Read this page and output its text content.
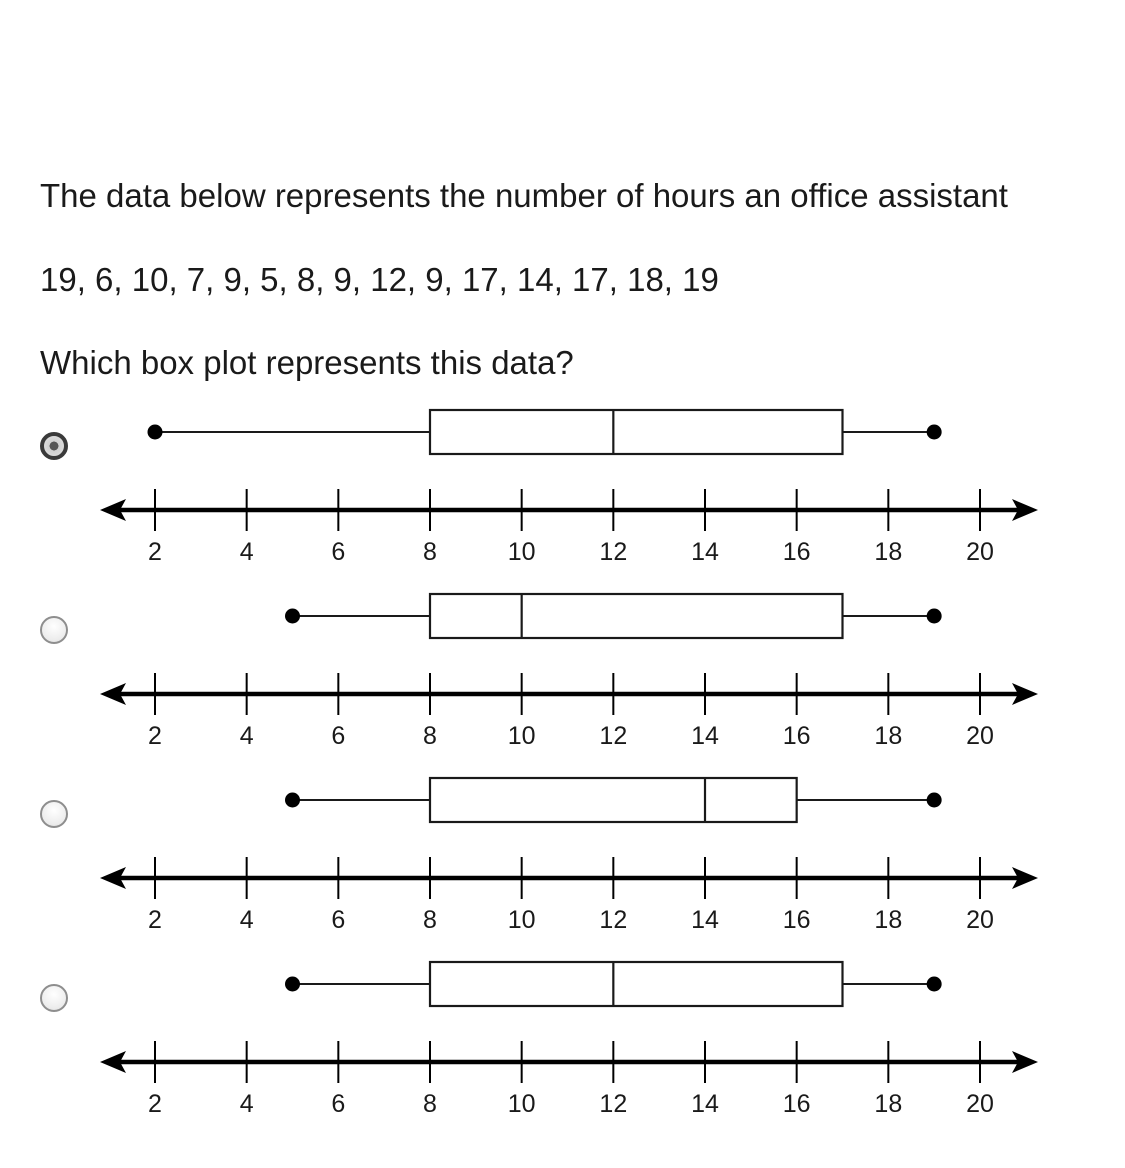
The data below represents the number of hours an office assistant

19, 6, 10, 7, 9, 5, 8, 9, 12, 9, 17, 14, 17, 18, 19

Which box plot represents this data?

2	4	6	8	10	12	14	16	18	20
2	4	6	8	10	12	14	16	18	20
2	4	6	8	10	12	14	16	18	20
2	4	6	8	10	12	14	16	18	20
